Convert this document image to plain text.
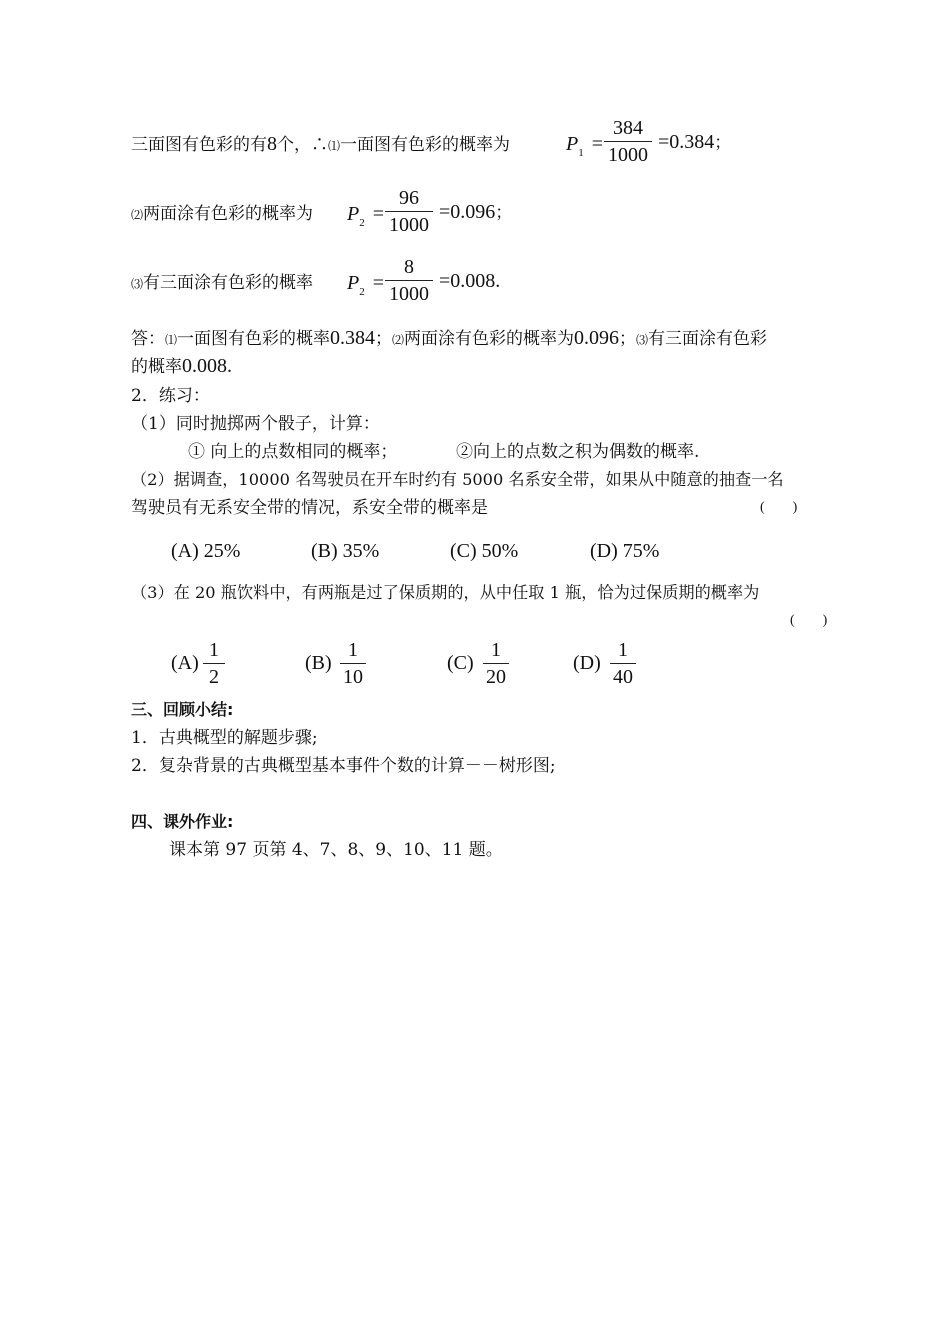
三面图有色彩的有8个，∴⑴一面图有色彩的概率为	$P_1$ =
384
1000
=0.384；
⑵两面涂有色彩的概率为 $P_2$ =
96
1000
=0.096；
⑶有三面涂有色彩的概率 $P_2$ =
8
1000
=0.008.
答：⑴一面图有色彩的概率0.384；⑵两面涂有色彩的概率为0.096；⑶有三面涂有色彩
的概率0.008.
2．练习：
（1）同时抛掷两个骰子，计算：
① 向上的点数相同的概率；	②向上的点数之积为偶数的概率.
（2）据调查，10000 名驾驶员在开车时约有 5000 名系安全带，如果从中随意的抽查一名
驾驶员有无系安全带的情况，系安全带的概率是	(　　)
(A) 25%	(B) 35%	(C) 50%	(D) 75%
（3）在 20 瓶饮料中，有两瓶是过了保质期的，从中任取 1 瓶，恰为过保质期的概率为
(　　)
(A)
1
2
(B)
1
10
(C)
1
20
(D)
1
40
三、回顾小结:
1．古典概型的解题步骤;
2．复杂背景的古典概型基本事件个数的计算－－树形图;
四、课外作业:
课本第 97 页第 4、7、8、9、10、11 题。
